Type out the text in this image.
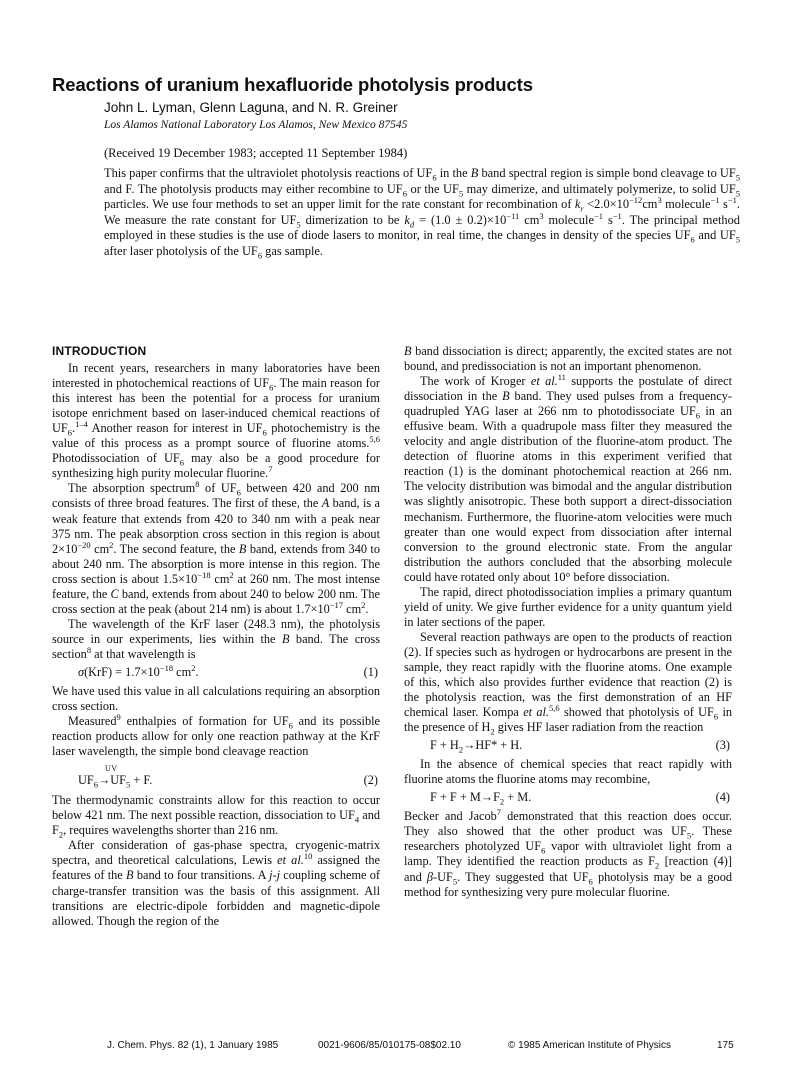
Reactions of uranium hexafluoride photolysis products
John L. Lyman, Glenn Laguna, and N. R. Greiner
Los Alamos National Laboratory Los Alamos, New Mexico 87545
(Received 19 December 1983; accepted 11 September 1984)
This paper confirms that the ultraviolet photolysis reactions of $UF_6$ in the B band spectral region is simple bond cleavage to $UF_5$ and F. The photolysis products may either recombine to $UF_6$ or the $UF_5$ may dimerize, and ultimately polymerize, to solid $UF_5$ particles. We use four methods to set an upper limit for the rate constant for recombination of $k_r <2.0\times 10^{-12}cm^3$ molecule$^{-1}$ $s^{-1}$. We measure the rate constant for $UF_5$ dimerization to be $k_d = (1.0 \pm 0.2)\times 10^{-11}$ $cm^3$ molecule$^{-1}$ $s^{-1}$. The principal method employed in these studies is the use of diode lasers to monitor, in real time, the changes in density of the species $UF_6$ and $UF_5$ after laser photolysis of the $UF_6$ gas sample.
INTRODUCTION

In recent years, researchers in many laboratories have been interested in photochemical reactions of $UF_6$. The main reason for this interest has been the potential for a process for uranium isotope enrichment based on laser-induced chemical reactions of $UF_6.^{1-4}$ Another reason for interest in $UF_6$ photochemistry is the value of this process as a prompt source of fluorine atoms.$^{5,6}$ Photodissociation of $UF_6$ may also be a good procedure for synthesizing high purity molecular fluorine.$^7$

The absorption spectrum$^8$ of $UF_6$ between 420 and 200 nm consists of three broad features. The first of these, the A band, is a weak feature that extends from 420 to 340 nm with a peak near 375 nm. The peak absorption cross section in this region is about $2\times 10^{-20}$ $cm^2$. The second feature, the B band, extends from 340 to about 240 nm. The absorption is more intense in this region. The cross section is about $1.5\times 10^{-18}$ $cm^2$ at 260 nm. The most intense feature, the C band, extends from about 240 to below 200 nm. The cross section at the peak (about 214 nm) is about $1.7\times 10^{-17}$ $cm^2$.

The wavelength of the KrF laser (248.3 nm), the photolysis source in our experiments, lies within the B band. The cross section$^8$ at that wavelength is

$\sigma(KrF) = 1.7\times 10^{-18}$ $cm^2$.	(1)

We have used this value in all calculations requiring an absorption cross section.

Measured$^9$ enthalpies of formation for $UF_6$ and its possible reaction products allow for only one reaction pathway at the KrF laser wavelength, the simple bond cleavage reaction

UV
$UF_6\to UF_5 + F$.	(2)

The thermodynamic constraints allow for this reaction to occur below 421 nm. The next possible reaction, dissociation to $UF_4$ and $F_2$, requires wavelengths shorter than 216 nm.

After consideration of gas-phase spectra, cryogenic-matrix spectra, and theoretical calculations, Lewis et al.$^{10}$ assigned the features of the B band to four transitions. A j-j coupling scheme of charge-transfer transition was the basis of this assignment. All transitions are electric-dipole forbidden and magnetic-dipole allowed. Though the region of the

B band dissociation is direct; apparently, the excited states are not bound, and predissociation is not an important phenomenon.

The work of Kroger et al.$^{11}$ supports the postulate of direct dissociation in the B band. They used pulses from a frequency-quadrupled YAG laser at 266 nm to photodissociate $UF_6$ in an effusive beam. With a quadrupole mass filter they measured the velocity and angle distribution of the fluorine-atom product. The detection of fluorine atoms in this experiment verified that reaction (1) is the dominant photochemical reaction at 266 nm. The velocity distribution was bimodal and the angular distribution was slightly anisotropic. These both support a direct-dissociation mechanism. Furthermore, the fluorine-atom velocities were much greater than one would expect from dissociation after internal conversion to the ground electronic state. From the angular distribution the authors concluded that the absorbing molecule could have rotated only about 10° before dissociation.

The rapid, direct photodissociation implies a primary quantum yield of unity. We give further evidence for a unity quantum yield in later sections of the paper.

Several reaction pathways are open to the products of reaction (2). If species such as hydrogen or hydrocarbons are present in the sample, they react rapidly with the fluorine atoms. One example of this, which also provides further evidence that reaction (2) is the photolysis reaction, was the first demonstration of an HF chemical laser. Kompa et al.$^{5,6}$ showed that photolysis of $UF_6$ in the presence of $H_2$ gives HF laser radiation from the reaction

$F + H_2\to HF* + H$.	(3)

In the absence of chemical species that react rapidly with fluorine atoms the fluorine atoms may recombine,

$F + F + M\to F_2 + M$.	(4)

Becker and Jacob$^7$ demonstrated that this reaction does occur. They also showed that the other product was $UF_5$. These researchers photolyzed $UF_6$ vapor with ultraviolet light from a lamp. They identified the reaction products as $F_2$ [reaction (4)] and $\beta-UF_5$. They suggested that $UF_6$ photolysis may be a good method for synthesizing very pure molecular fluorine.

J. Chem. Phys. 82 (1), 1 January 1985	0021-9606/85/010175-08$02.10	© 1985 American Institute of Physics	175
